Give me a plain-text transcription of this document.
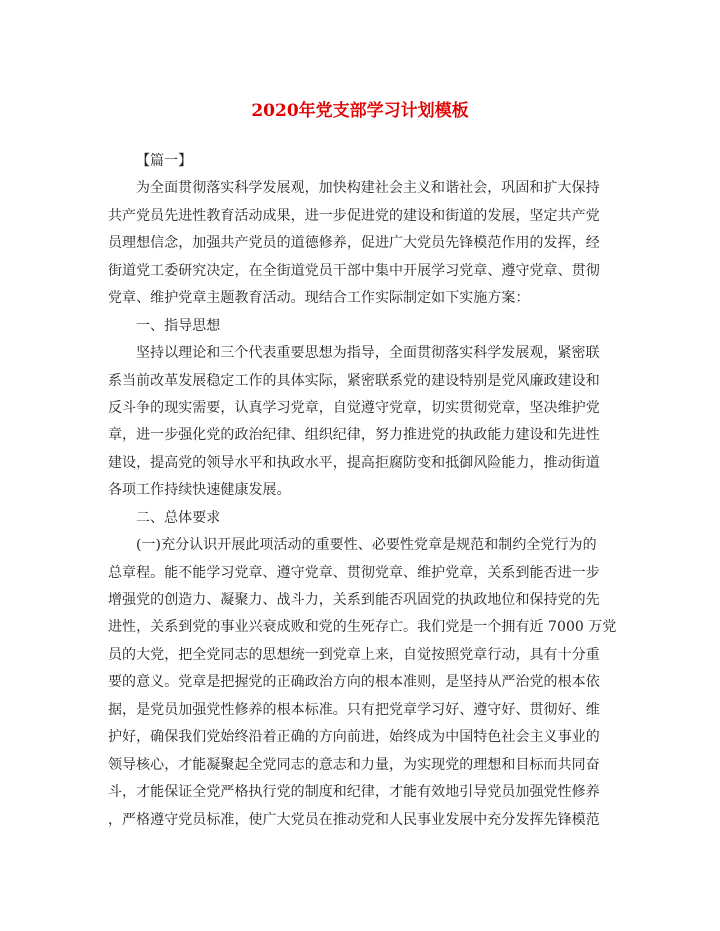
2020年党支部学习计划模板
【篇一】
为全面贯彻落实科学发展观，加快构建社会主义和谐社会，巩固和扩大保持
共产党员先进性教育活动成果，进一步促进党的建设和街道的发展，坚定共产党
员理想信念，加强共产党员的道德修养，促进广大党员先锋模范作用的发挥，经
街道党工委研究决定，在全街道党员干部中集中开展学习党章、遵守党章、贯彻
党章、维护党章主题教育活动。现结合工作实际制定如下实施方案：
一、指导思想
坚持以理论和三个代表重要思想为指导，全面贯彻落实科学发展观，紧密联
系当前改革发展稳定工作的具体实际，紧密联系党的建设特别是党风廉政建设和
反斗争的现实需要，认真学习党章，自觉遵守党章，切实贯彻党章，坚决维护党
章，进一步强化党的政治纪律、组织纪律，努力推进党的执政能力建设和先进性
建设，提高党的领导水平和执政水平，提高拒腐防变和抵御风险能力，推动街道
各项工作持续快速健康发展。
二、总体要求
(一)充分认识开展此项活动的重要性、必要性党章是规范和制约全党行为的
总章程。能不能学习党章、遵守党章、贯彻党章、维护党章，关系到能否进一步
增强党的创造力、凝聚力、战斗力，关系到能否巩固党的执政地位和保持党的先
进性，关系到党的事业兴衰成败和党的生死存亡。我们党是一个拥有近 7000 万党
员的大党，把全党同志的思想统一到党章上来，自觉按照党章行动，具有十分重
要的意义。党章是把握党的正确政治方向的根本准则，是坚持从严治党的根本依
据，是党员加强党性修养的根本标准。只有把党章学习好、遵守好、贯彻好、维
护好，确保我们党始终沿着正确的方向前进，始终成为中国特色社会主义事业的
领导核心，才能凝聚起全党同志的意志和力量，为实现党的理想和目标而共同奋
斗，才能保证全党严格执行党的制度和纪律，才能有效地引导党员加强党性修养
，严格遵守党员标准，使广大党员在推动党和人民事业发展中充分发挥先锋模范
